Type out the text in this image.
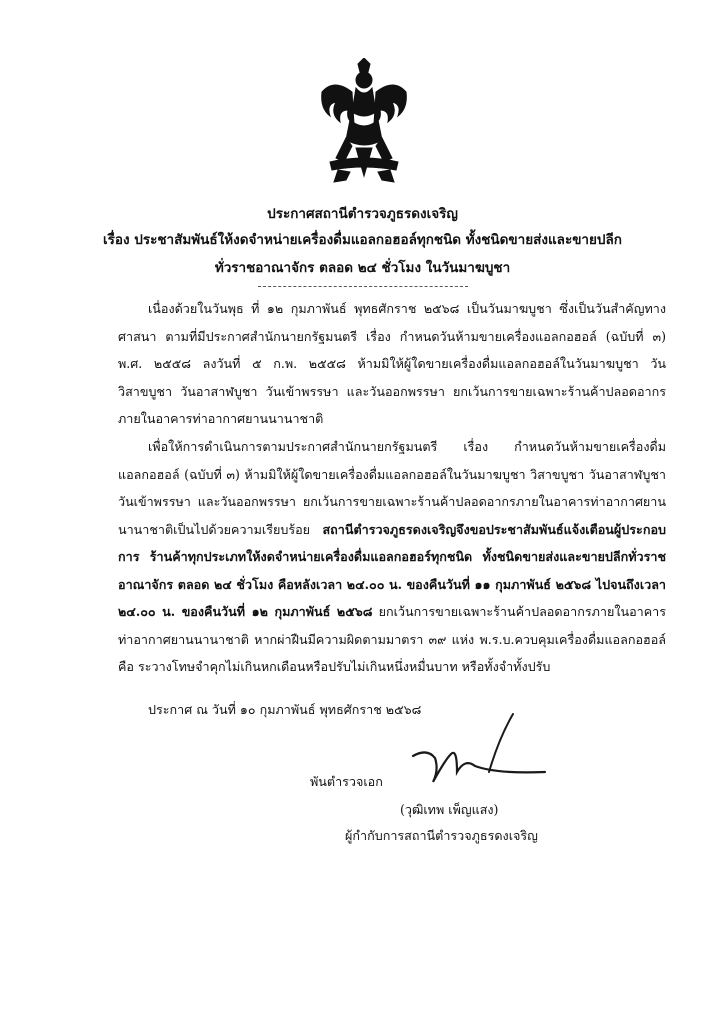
ประกาศสถานีตำรวจภูธรดงเจริญ
เรื่อง ประชาสัมพันธ์ให้งดจำหน่ายเครื่องดื่มแอลกอฮอล์ทุกชนิด ทั้งชนิดขายส่งและขายปลีก
ทั่วราชอาณาจักร ตลอด ๒๔ ชั่วโมง ในวันมาฆบูชา
เนื่องด้วยในวันพุธ ที่ ๑๒ กุมภาพันธ์ พุทธศักราช ๒๕๖๘ เป็นวันมาฆบูชา ซึ่งเป็นวันสำคัญทางศาสนา ตามที่มีประกาศสำนักนายกรัฐมนตรี เรื่อง กำหนดวันห้ามขายเครื่องแอลกอฮอล์ (ฉบับที่ ๓) พ.ศ. ๒๕๕๘ ลงวันที่ ๕ ก.พ. ๒๕๕๘ ห้ามมิให้ผู้ใดขายเครื่องดื่มแอลกอฮอล์ในวันมาฆบูชา วันวิสาขบูชา วันอาสาฬบูชา วันเข้าพรรษา และวันออกพรรษา ยกเว้นการขายเฉพาะร้านค้าปลอดอากรภายในอาคารท่าอากาศยานนานาชาติ
เพื่อให้การดำเนินการตามประกาศสำนักนายกรัฐมนตรี เรื่อง กำหนดวันห้ามขายเครื่องดื่มแอลกอฮอล์ (ฉบับที่ ๓) ห้ามมิให้ผู้ใดขายเครื่องดื่มแอลกอฮอล์ในวันมาฆบูชา วิสาขบูชา วันอาสาฬบูชา วันเข้าพรรษา และวันออกพรรษา ยกเว้นการขายเฉพาะร้านค้าปลอดอากรภายในอาคารท่าอากาศยานนานาชาติเป็นไปด้วยความเรียบร้อย สถานีตำรวจภูธรดงเจริญจึงขอประชาสัมพันธ์แจ้งเตือนผู้ประกอบการ ร้านค้าทุกประเภทให้งดจำหน่ายเครื่องดื่มแอลกอฮอร์ทุกชนิด ทั้งชนิดขายส่งและขายปลีกทั่วราชอาณาจักร ตลอด ๒๔ ชั่วโมง คือหลังเวลา ๒๔.๐๐ น. ของคืนวันที่ ๑๑ กุมภาพันธ์ ๒๕๖๘ ไปจนถึงเวลา ๒๔.๐๐ น. ของคืนวันที่ ๑๒ กุมภาพันธ์ ๒๕๖๘ ยกเว้นการขายเฉพาะร้านค้าปลอดอากรภายในอาคารท่าอากาศยานนานาชาติ หากผ่าฝืนมีความผิดตามมาตรา ๓๙ แห่ง พ.ร.บ.ควบคุมเครื่องดื่มแอลกอฮอล์ คือ ระวางโทษจำคุกไม่เกินหกเดือนหรือปรับไม่เกินหนึ่งหมื่นบาท หรือทั้งจำทั้งปรับ
ประกาศ ณ วันที่ ๑๐ กุมภาพันธ์ พุทธศักราช ๒๕๖๘
พันตำรวจเอก
(วุฒิเทพ เพ็ญแสง)
ผู้กำกับการสถานีตำรวจภูธรดงเจริญ
